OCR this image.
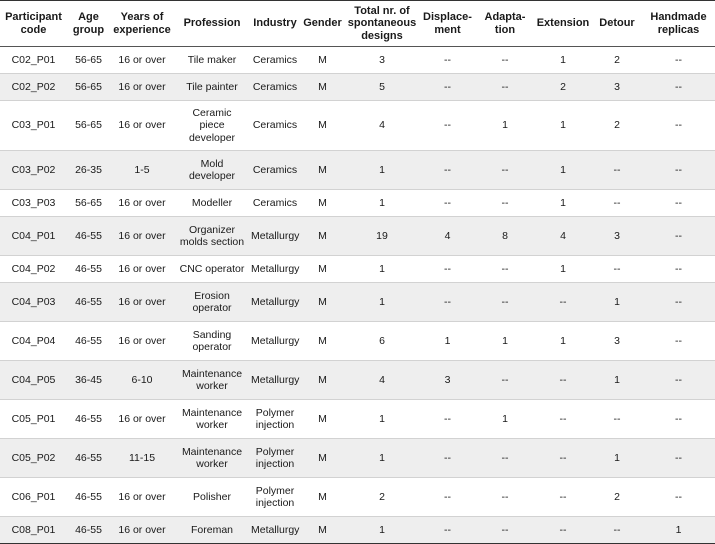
Participant
code	Age
group	Years of
experience	Profession	Industry	Gender	Total nr. of
spontaneous
designs	Displace-
ment	Adapta-
tion	Extension	Detour	Handmade
replicas
C02_P01	56-65	16 or over	Tile maker	Ceramics	M	3	--	--	1	2	--
C02_P02	56-65	16 or over	Tile painter	Ceramics	M	5	--	--	2	3	--
C03_P01	56-65	16 or over	Ceramic
piece
developer	Ceramics	M	4	--	1	1	2	--
C03_P02	26-35	1-5	Mold
developer	Ceramics	M	1	--	--	1	--	--
C03_P03	56-65	16 or over	Modeller	Ceramics	M	1	--	--	1	--	--
C04_P01	46-55	16 or over	Organizer
molds section	Metallurgy	M	19	4	8	4	3	--
C04_P02	46-55	16 or over	CNC operator	Metallurgy	M	1	--	--	1	--	--
C04_P03	46-55	16 or over	Erosion
operator	Metallurgy	M	1	--	--	--	1	--
C04_P04	46-55	16 or over	Sanding
operator	Metallurgy	M	6	1	1	1	3	--
C04_P05	36-45	6-10	Maintenance
worker	Metallurgy	M	4	3	--	--	1	--
C05_P01	46-55	16 or over	Maintenance
worker	Polymer
injection	M	1	--	1	--	--	--
C05_P02	46-55	11-15	Maintenance
worker	Polymer
injection	M	1	--	--	--	1	--
C06_P01	46-55	16 or over	Polisher	Polymer
injection	M	2	--	--	--	2	--
C08_P01	46-55	16 or over	Foreman	Metallurgy	M	1	--	--	--	--	1
